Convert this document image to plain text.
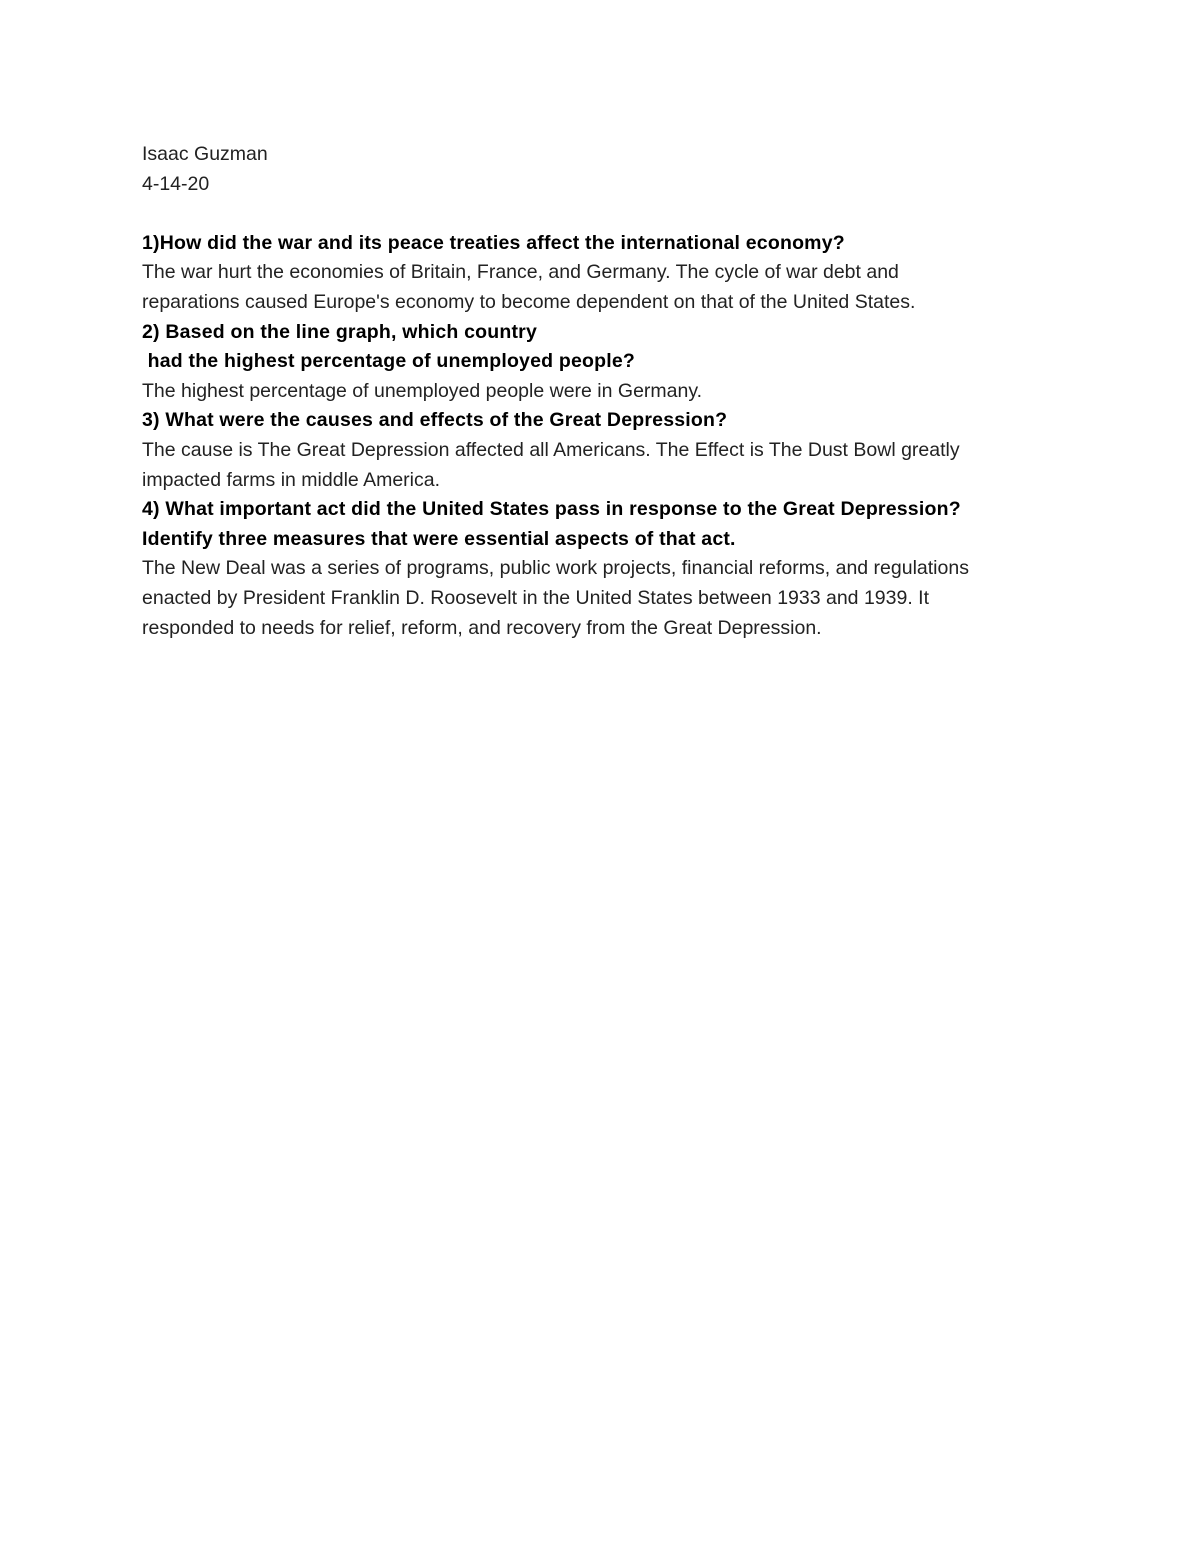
Isaac Guzman
4-14-20
1)How did the war and its peace treaties affect the international economy?
The war hurt the economies of Britain, France, and Germany. The cycle of war debt and
reparations caused Europe's economy to become dependent on that of the United States.
2) Based on the line graph, which country
had the highest percentage of unemployed people?
The highest percentage of unemployed people were in Germany.
3) What were the causes and effects of the Great Depression?
The cause is The Great Depression affected all Americans. The Effect is The Dust Bowl greatly
impacted farms in middle America.
4) What important act did the United States pass in response to the Great Depression?
Identify three measures that were essential aspects of that act.
The New Deal was a series of programs, public work projects, financial reforms, and regulations
enacted by President Franklin D. Roosevelt in the United States between 1933 and 1939. It
responded to needs for relief, reform, and recovery from the Great Depression.
